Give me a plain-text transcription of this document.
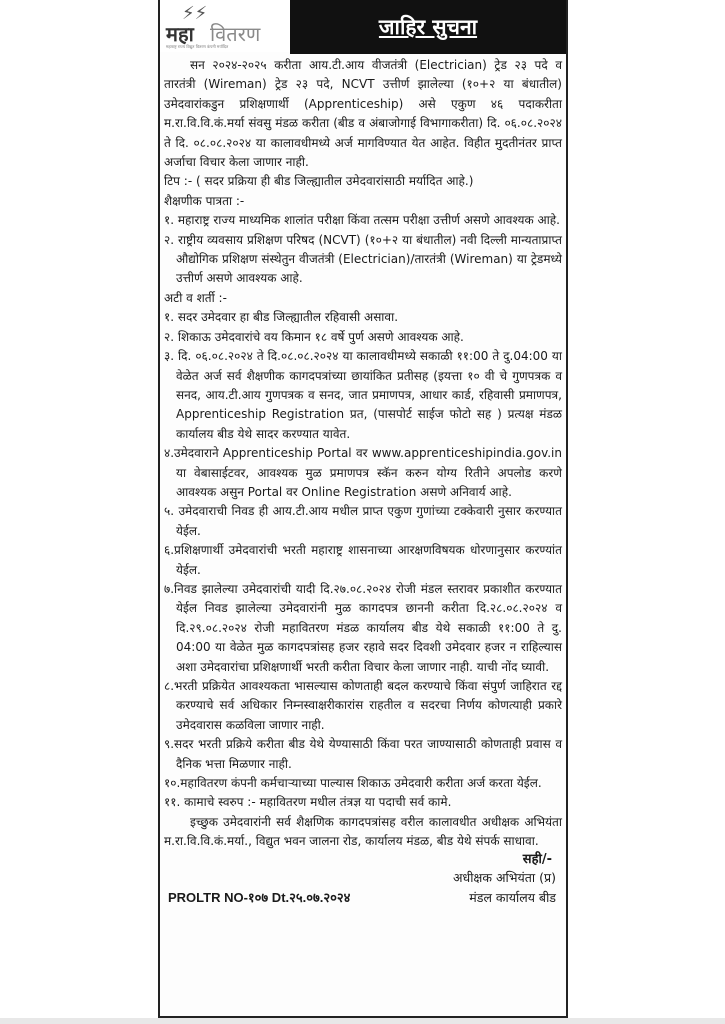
⚡⚡
महा वितरण
महाराष्ट्र राज्य विद्युत वितरण कंपनी मर्यादित
जाहिर सुचना

सन २०२४-२०२५ करीता आय.टी.आय वीजतंत्री (Electrician) ट्रेड २३ पदे व तारतंत्री (Wireman) ट्रेड २३ पदे, NCVT उत्तीर्ण झालेल्या (१०+२ या बंधातील) उमेदवारांकडुन प्रशिक्षणार्थी (Apprenticeship) असे एकुण ४६ पदाकरीता म.रा.वि.वि.कं.मर्या संवसु मंडळ करीता (बीड व अंबाजोगाई विभागाकरीता) दि. ०६.०८.२०२४ ते दि. ०८.०८.२०२४ या कालावधीमध्ये अर्ज मागविण्यात येत आहेत. विहीत मुदतीनंतर प्राप्त अर्जाचा विचार केला जाणार नाही.

टिप :- ( सदर प्रक्रिया ही बीड जिल्ह्यातील उमेदवारांसाठी मर्यादित आहे.)

शैक्षणीक पात्रता :-

१. महाराष्ट्र राज्य माध्यमिक शालांत परीक्षा किंवा तत्सम परीक्षा उत्तीर्ण असणे आवश्यक आहे.
२. राष्ट्रीय व्यवसाय प्रशिक्षण परिषद (NCVT) (१०+२ या बंधातील) नवी दिल्ली मान्यताप्राप्त औद्योगिक प्रशिक्षण संस्थेतुन वीजतंत्री (Electrician)/तारतंत्री (Wireman) या ट्रेडमध्ये उत्तीर्ण असणे आवश्यक आहे.

अटी व शर्ती :-

१. सदर उमेदवार हा बीड जिल्ह्यातील रहिवासी असावा.
२. शिकाऊ उमेदवारांचे वय किमान १८ वर्षे पुर्ण असणे आवश्यक आहे.
३. दि. ०६.०८.२०२४ ते दि.०८.०८.२०२४ या कालावधीमध्ये सकाळी ११:00 ते दु.04:00 या वेळेत अर्ज सर्व शैक्षणीक कागदपत्रांच्या छायांकित प्रतीसह (इयत्ता १० वी चे गुणपत्रक व सनद, आय.टी.आय गुणपत्रक व सनद, जात प्रमाणपत्र, आधार कार्ड, रहिवासी प्रमाणपत्र, Apprenticeship Registration प्रत, (पासपोर्ट साईज फोटो सह ) प्रत्यक्ष मंडळ कार्यालय बीड येथे सादर करण्यात यावेत.
४.उमेदवाराने Apprenticeship Portal वर www.apprenticeshipindia.gov.in या वेबासाईटवर, आवश्यक मुळ प्रमाणपत्र स्कॅन करुन योग्य रितीने अपलोड करणे आवश्यक असुन Portal वर Online Registration असणे अनिवार्य आहे.
५. उमेदवाराची निवड ही आय.टी.आय मधील प्राप्त एकुण गुणांच्या टक्केवारी नुसार करण्यात येईल.
६.प्रशिक्षणार्थी उमेदवारांची भरती महाराष्ट्र शासनाच्या आरक्षणविषयक धोरणानुसार करण्यांत येईल.
७.निवड झालेल्या उमेदवारांची यादी दि.२७.०८.२०२४ रोजी मंडल स्तरावर प्रकाशीत करण्यात येईल निवड झालेल्या उमेदवारांनी मुळ कागदपत्र छाननी करीता दि.२८.०८.२०२४ व दि.२९.०८.२०२४ रोजी महावितरण मंडळ कार्यालय बीड येथे सकाळी ११:00 ते दु. 04:00 या वेळेत मुळ कागदपत्रांसह हजर रहावे सदर दिवशी उमेदवार हजर न राहिल्यास अशा उमेदवारांचा प्रशिक्षणार्थी भरती करीता विचार केला जाणार नाही. याची नोंद घ्यावी.
८.भरती प्रक्रियेत आवश्यकता भासल्यास कोणताही बदल करण्याचे किंवा संपुर्ण जाहिरात रद्द करण्याचे सर्व अधिकार निम्नस्वाक्षरीकारांस राहतील व सदरचा निर्णय कोणत्याही प्रकारे उमेदवारास कळविला जाणार नाही.
९.सदर भरती प्रक्रिये करीता बीड येथे येण्यासाठी किंवा परत जाण्यासाठी कोणताही प्रवास व दैनिक भत्ता मिळणार नाही.
१०.महावितरण कंपनी कर्मचाऱ्याच्या पाल्यास शिकाऊ उमेदवारी करीता अर्ज करता येईल.
११. कामाचे स्वरुप :- महावितरण मधील तंत्रज्ञ या पदाची सर्व कामे.

इच्छुक उमेदवारांनी सर्व शैक्षणिक कागदपत्रांसह वरील कालावधीत अधीक्षक अभियंता म.रा.वि.वि.कं.मर्या., विद्युत भवन जालना रोड, कार्यालय मंडळ, बीड येथे संपर्क साधावा.

सही/-
अधीक्षक अभियंता (प्र)
मंडल कार्यालय बीड
PROLTR NO-१०७ Dt.२५.०७.२०२४
